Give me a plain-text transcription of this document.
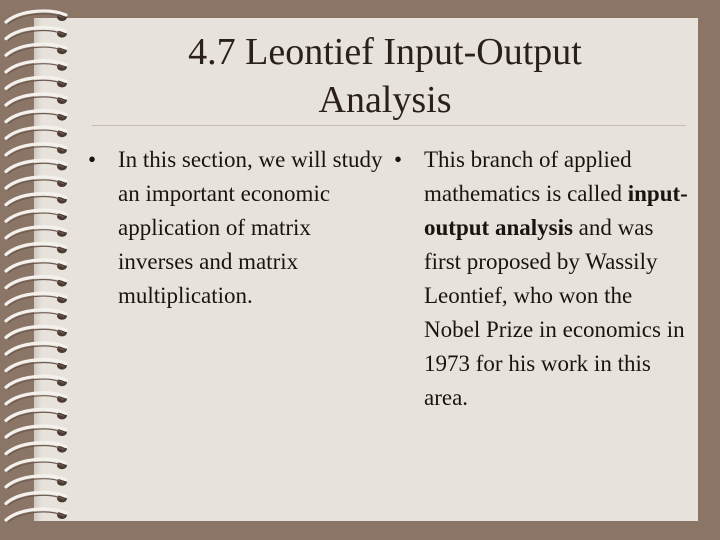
4.7 Leontief Input-Output
Analysis
• In this section, we will study an important economic application of matrix inverses and matrix multiplication.
• This branch of applied mathematics is called input-output analysis and was first proposed by Wassily Leontief, who won the Nobel Prize in economics in 1973 for his work in this area.
